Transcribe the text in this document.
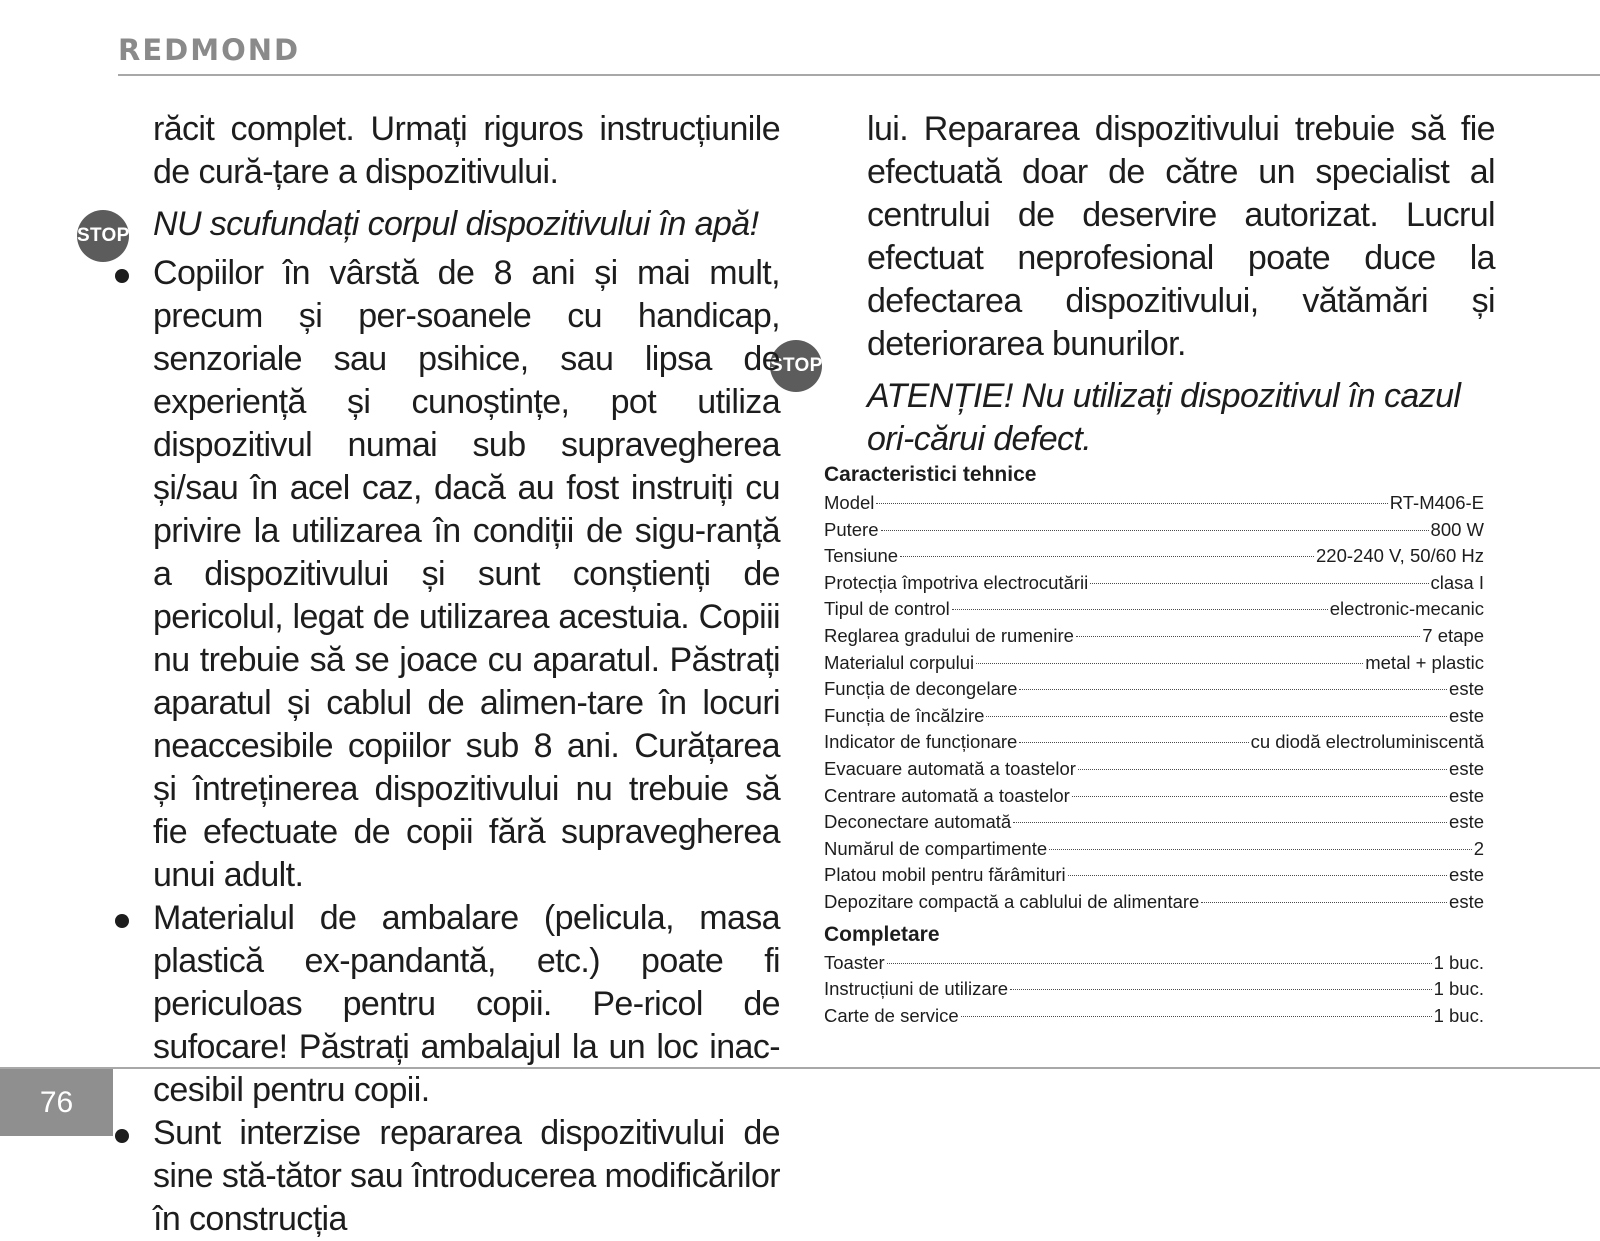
REDMOND
STOP
STOP

răcit complet. Urmați riguros instrucțiunile de cură-țare a dispozitivului.

NU scufundați corpul dispozitivului în apă!

Copiilor în vârstă de 8 ani și mai mult, precum și per-soanele cu handicap, senzoriale sau psihice, sau lipsa de experiență și cunoștințe, pot utiliza dispozitivul numai sub supravegherea și/sau în acel caz, dacă au fost instruiți cu privire la utilizarea în condiții de sigu-ranță a dispozitivului și sunt conștienți de pericolul, legat de utilizarea acestuia. Copiii nu trebuie să se joace cu aparatul. Păstrați aparatul și cablul de alimen-tare în locuri neaccesibile copiilor sub 8 ani. Curățarea și întreținerea dispozitivului nu trebuie să fie efectuate de copii fără supravegherea unui adult.
Materialul de ambalare (pelicula, masa plastică ex-pandantă, etc.) poate fi periculoas pentru copii. Pe-ricol de sufocare! Păstrați ambalajul la un loc inac-cesibil pentru copii.
Sunt interzise repararea dispozitivului de sine stă-tător sau întroducerea modificărilor în construcția

lui. Repararea dispozitivului trebuie să fie efectuată doar de către un specialist al centrului de deservire autorizat. Lucrul efectuat neprofesional poate duce la defectarea dispozitivului, vătămări și deteriorarea bunurilor.

ATENȚIE! Nu utilizați dispozitivul în cazul ori-cărui defect.

Caracteristici tehnice

Model	RT-M406-E
Putere	800 W
Tensiune	220-240 V, 50/60 Hz
Protecția împotriva electrocutării	clasa I
Tipul de control	electronic-mecanic
Reglarea gradului de rumenire	7 etape
Materialul corpului	metal + plastic
Funcția de decongelare	este
Funcția de încălzire	este
Indicator de funcționare	cu diodă electroluminiscentă
Evacuare automată a toastelor	este
Centrare automată a toastelor	este
Deconectare automată	este
Numărul de compartimente	2
Platou mobil pentru fărâmituri	este
Depozitare compactă a cablului de alimentare	este

Completare

Toaster	1 buc.
Instrucțiuni de utilizare	1 buc.
Carte de service	1 buc.
76
